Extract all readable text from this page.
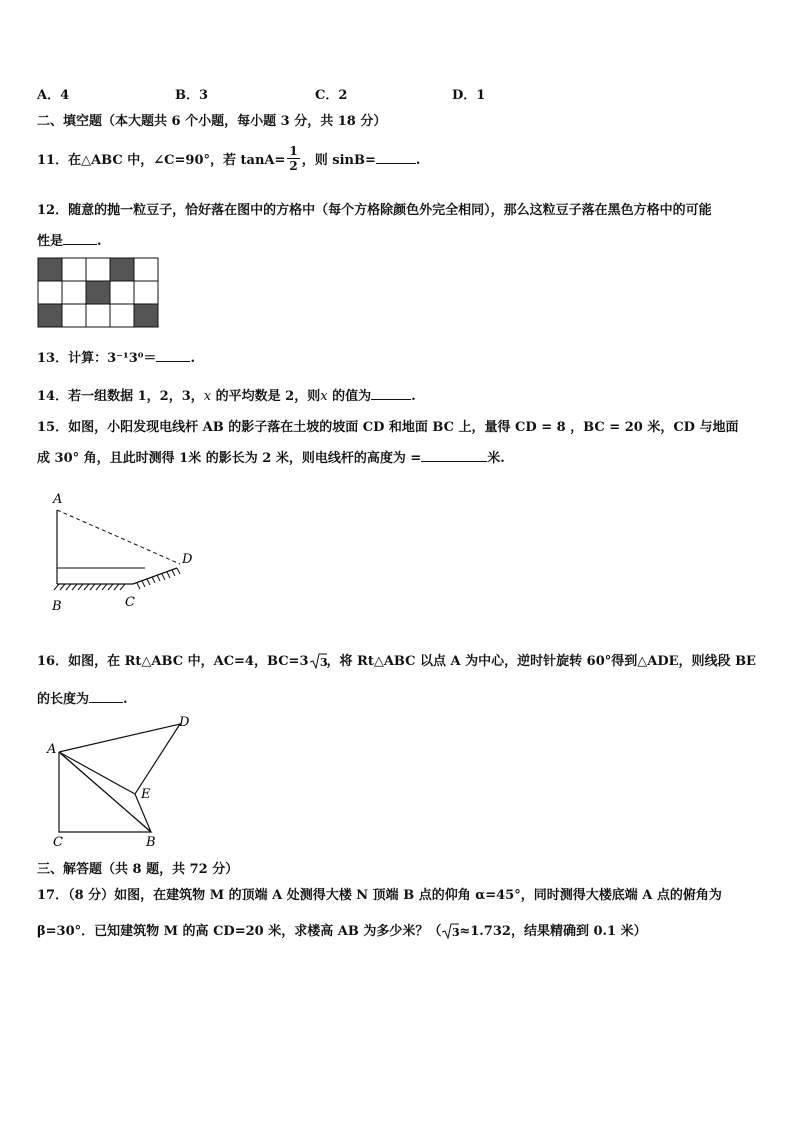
A．4	B．3	C．2	D．1
二、填空题（本大题共 6 个小题，每小题 3 分，共 18 分）
11．在△ABC 中，∠C=90°，若 $\tan A= \frac{1}{2}$ ，则 sinB=	.
12．随意的抛一粒豆子，恰好落在图中的方格中（每个方格除颜色外完全相同），那么这粒豆子落在黑色方格中的可能
性是	.
13．计算：3⁻¹3⁰＝	.
14．若一组数据 1，2，3，x 的平均数是 2，则x 的值为	.
15．如图，小阳发现电线杆 AB 的影子落在土坡的坡面 CD 和地面 BC 上，量得 CD = 8 ，BC = 20 米，CD 与地面
成 30° 角，且此时测得 1米 的影长为 2 米，则电线杆的高度为 =	米.
A
D
B	C
16．如图，在 Rt△ABC 中，AC=4，BC=3 3 ，将 Rt△ABC 以点 A 为中心，逆时针旋转 60°得到△ADE，则线段 BE
的长度为	.
A
D
E
C	B
三、解答题（共 8 题，共 72 分）
17．（8 分）如图，在建筑物 M 的顶端 A 处测得大楼 N 顶端 B 点的仰角 α=45°，同时测得大楼底端 A 点的俯角为
β=30°．已知建筑物 M 的高 CD=20 米，求楼高 AB 为多少米？（ 3 ≈1.732，结果精确到 0.1 米）
